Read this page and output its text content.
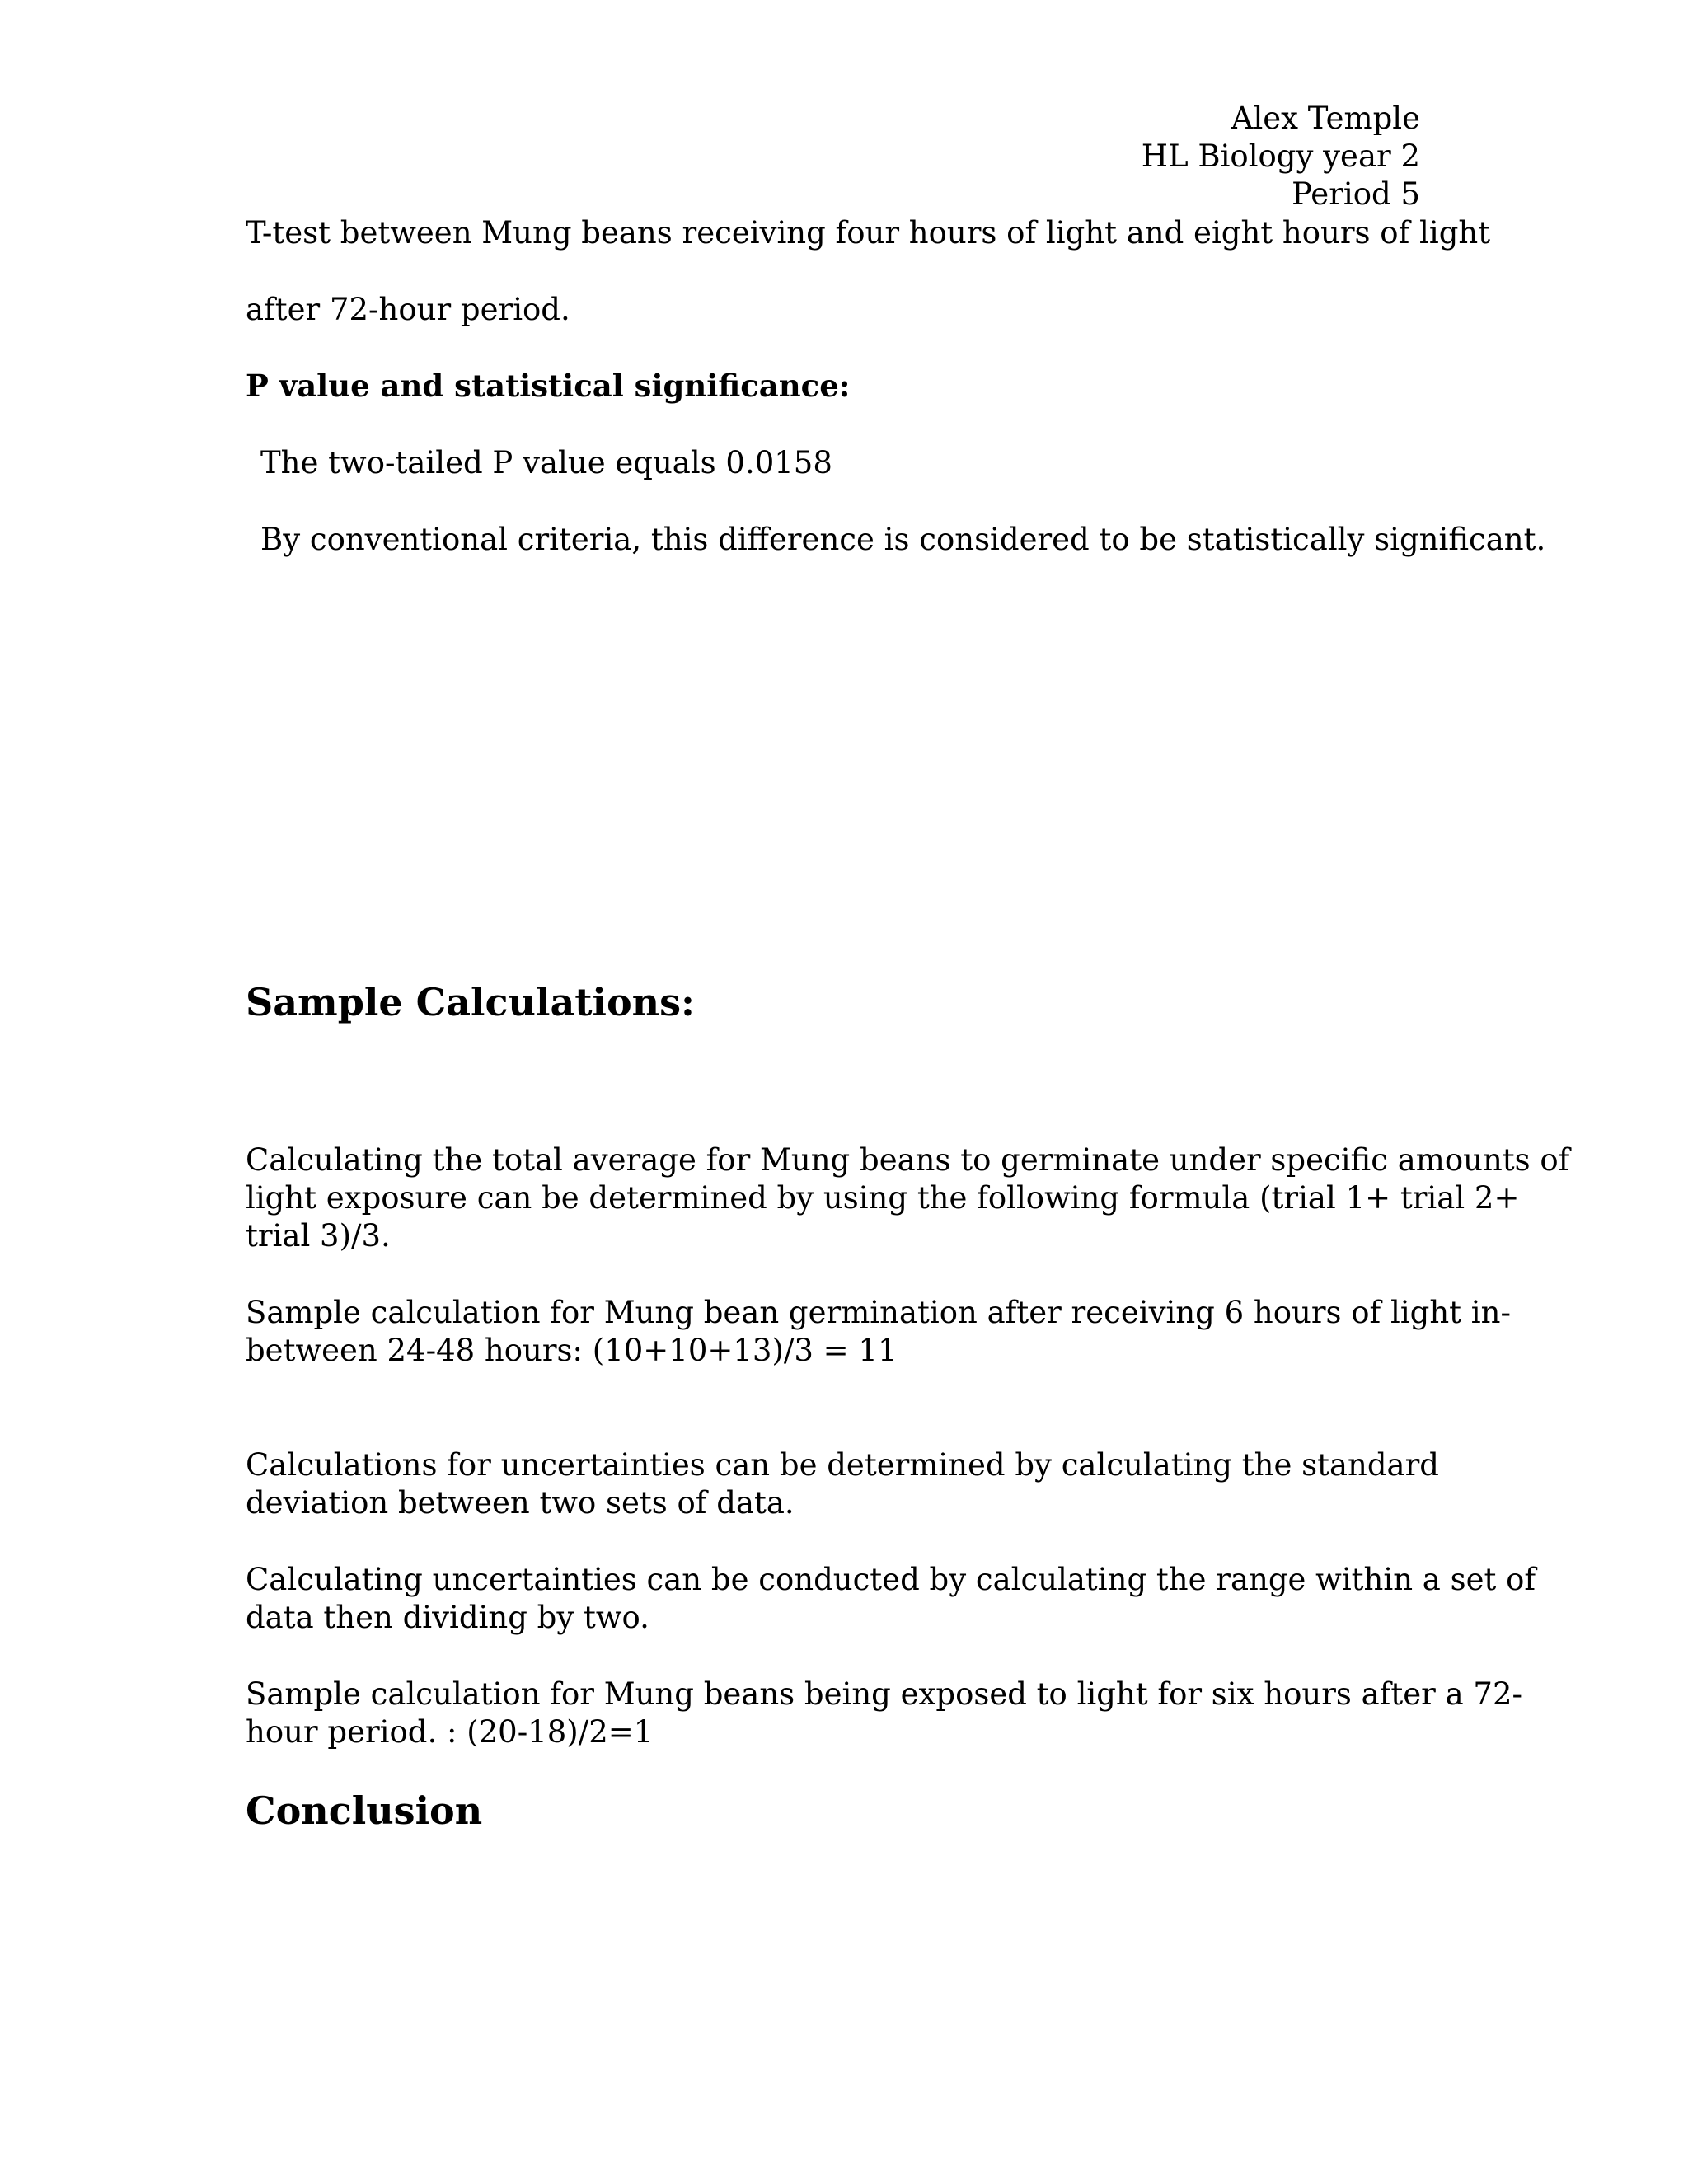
Alex Temple

HL Biology year 2

Period 5

T-test between Mung beans receiving four hours of light and eight hours of light

after 72-hour period.

P value and statistical significance:

The two-tailed P value equals 0.0158

By conventional criteria, this difference is considered to be statistically significant.

Sample Calculations:

Calculating the total average for Mung beans to germinate under specific amounts of

light exposure can be determined by using the following formula (trial 1+ trial 2+

trial 3)/3.

Sample calculation for Mung bean germination after receiving 6 hours of light in-

between 24-48 hours: (10+10+13)/3 = 11

Calculations for uncertainties can be determined by calculating the standard

deviation between two sets of data.

Calculating uncertainties can be conducted by calculating the range within a set of

data then dividing by two.

Sample calculation for Mung beans being exposed to light for six hours after a 72-

hour period. : (20-18)/2=1

Conclusion
